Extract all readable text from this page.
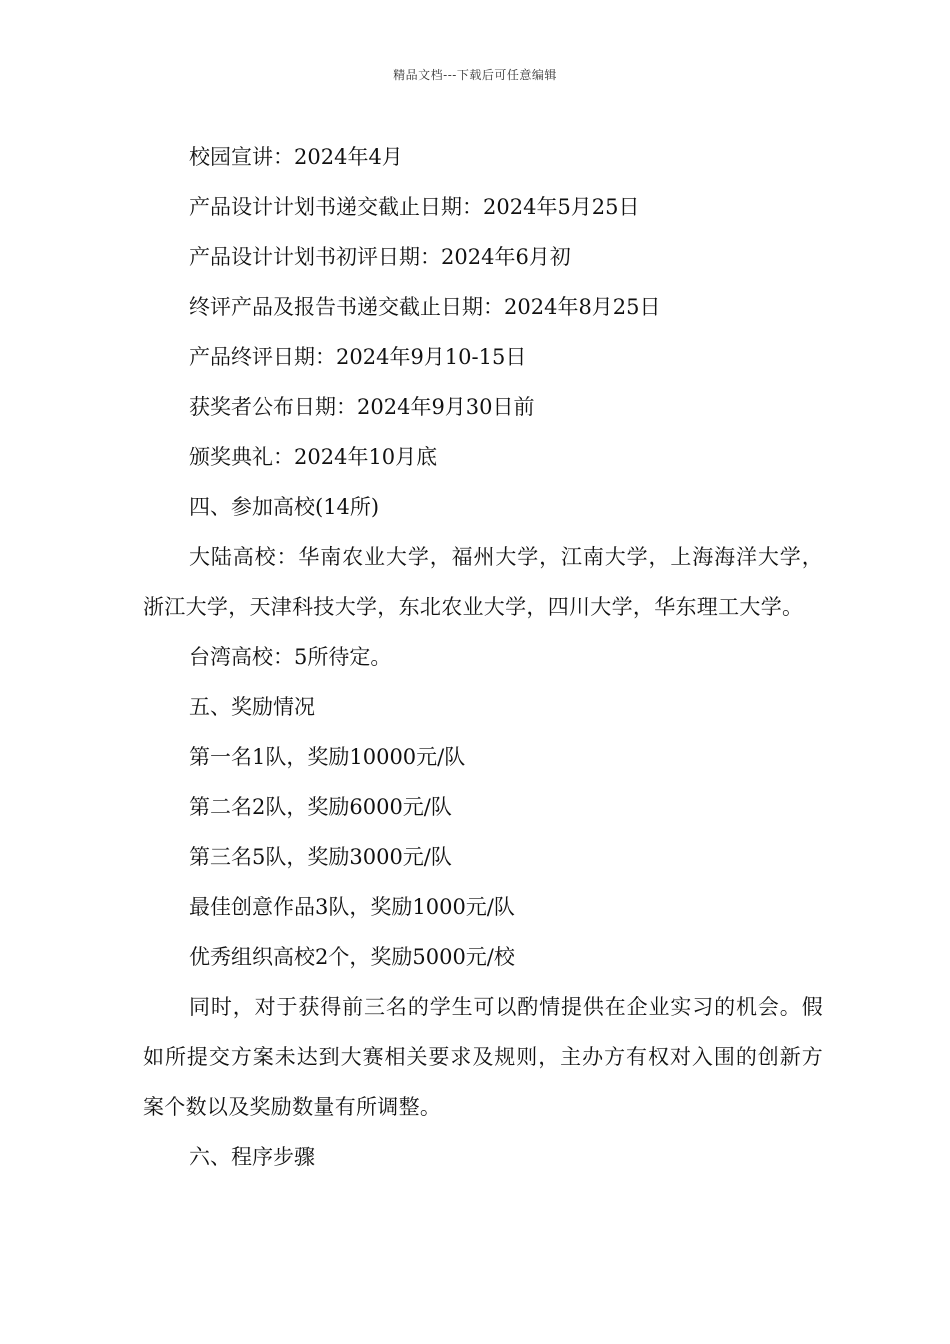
精品文档---下载后可任意编辑
校园宣讲：2024年4月
产品设计计划书递交截止日期：2024年5月25日
产品设计计划书初评日期：2024年6月初
终评产品及报告书递交截止日期：2024年8月25日
产品终评日期：2024年9月10-15日
获奖者公布日期：2024年9月30日前
颁奖典礼：2024年10月底
四、参加高校(14所)
大陆高校：华南农业大学，福州大学，江南大学，上海海洋大学，浙江大学，天津科技大学，东北农业大学，四川大学，华东理工大学。
台湾高校：5所待定。
五、奖励情况
第一名1队，奖励10000元/队
第二名2队，奖励6000元/队
第三名5队，奖励3000元/队
最佳创意作品3队，奖励1000元/队
优秀组织高校2个，奖励5000元/校
同时，对于获得前三名的学生可以酌情提供在企业实习的机会。假如所提交方案未达到大赛相关要求及规则，主办方有权对入围的创新方案个数以及奖励数量有所调整。
六、程序步骤
